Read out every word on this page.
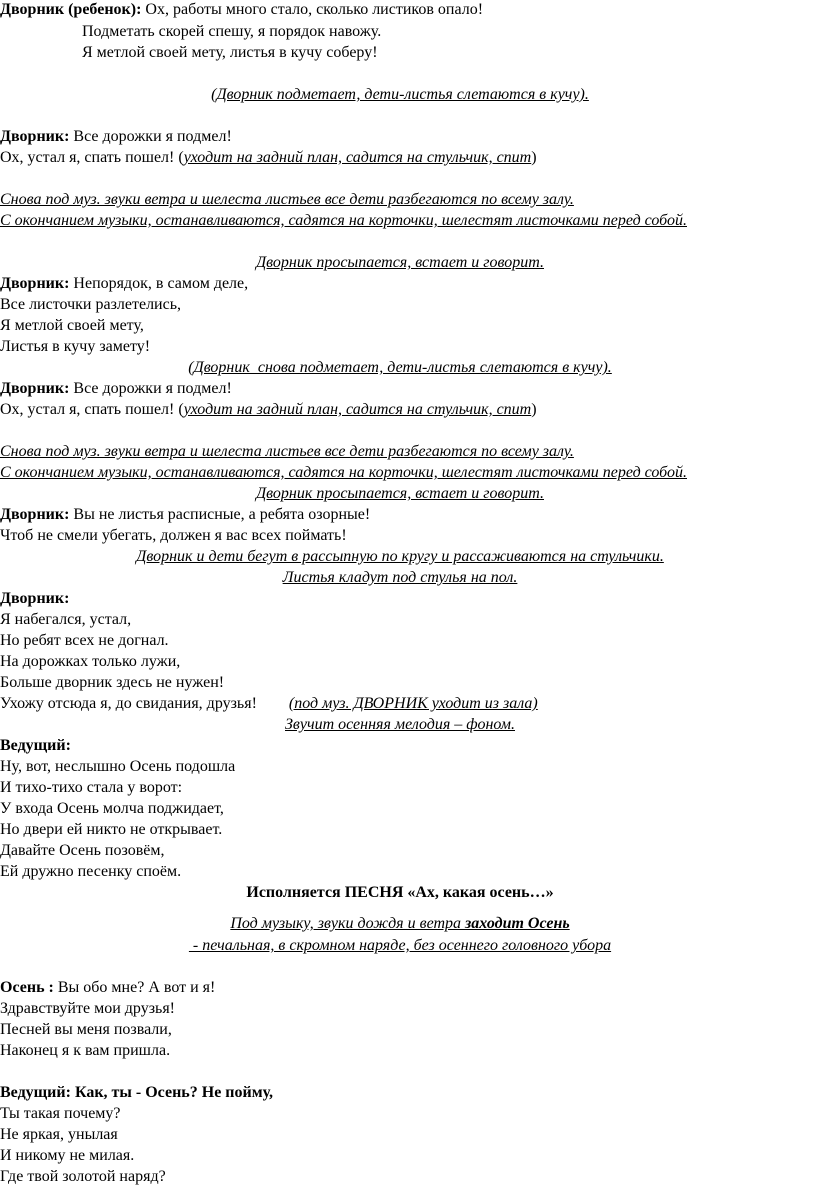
Дворник (ребенок): Ох, работы много стало, сколько листиков опало!
Подметать скорей спешу, я порядок навожу.
Я метлой своей мету, листья в кучу соберу!
(Дворник подметает, дети-листья слетаются в кучу).
Дворник: Все дорожки я подмел!
Ох, устал я, спать пошел! (уходит на задний план, садится на стульчик, спит)
Снова под муз. звуки ветра и шелеста листьев все дети разбегаются по всему залу.
С окончанием музыки, останавливаются, садятся на корточки, шелестят листочками перед собой.
Дворник просыпается, встает и говорит.
Дворник: Непорядок, в самом деле,
Все листочки разлетелись,
Я метлой своей мету,
Листья в кучу замету!
(Дворник  снова подметает, дети-листья слетаются в кучу).
Дворник: Все дорожки я подмел!
Ох, устал я, спать пошел! (уходит на задний план, садится на стульчик, спит)
Снова под муз. звуки ветра и шелеста листьев все дети разбегаются по всему залу.
С окончанием музыки, останавливаются, садятся на корточки, шелестят листочками перед собой.
Дворник просыпается, встает и говорит.
Дворник: Вы не листья расписные, а ребята озорные!
Чтоб не смели убегать, должен я вас всех поймать!
Дворник и дети бегут в рассыпную по кругу и рассаживаются на стульчики.
Листья кладут под стулья на пол.
Дворник:
Я набегался, устал,
Но ребят всех не догнал.
На дорожках только лужи,
Больше дворник здесь не нужен!
Ухожу отсюда я, до свидания, друзья!        (под муз. ДВОРНИК уходит из зала)
Звучит осенняя мелодия – фоном.
Ведущий:
Ну, вот, неслышно Осень подошла
И тихо-тихо стала у ворот:
У входа Осень молча поджидает,
Но двери ей никто не открывает.
Давайте Осень позовём,
Ей дружно песенку споём.
Исполняется ПЕСНЯ «Ах, какая осень…»
Под музыку, звуки дождя и ветра заходит Осень
- печальная, в скромном наряде, без осеннего головного убора
Осень : Вы обо мне? А вот и я!
Здравствуйте мои друзья!
Песней вы меня позвали,
Наконец я к вам пришла.
Ведущий: Как, ты - Осень? Не пойму,
Ты такая почему?
Не яркая, унылая
И никому не милая.
Где твой золотой наряд?
